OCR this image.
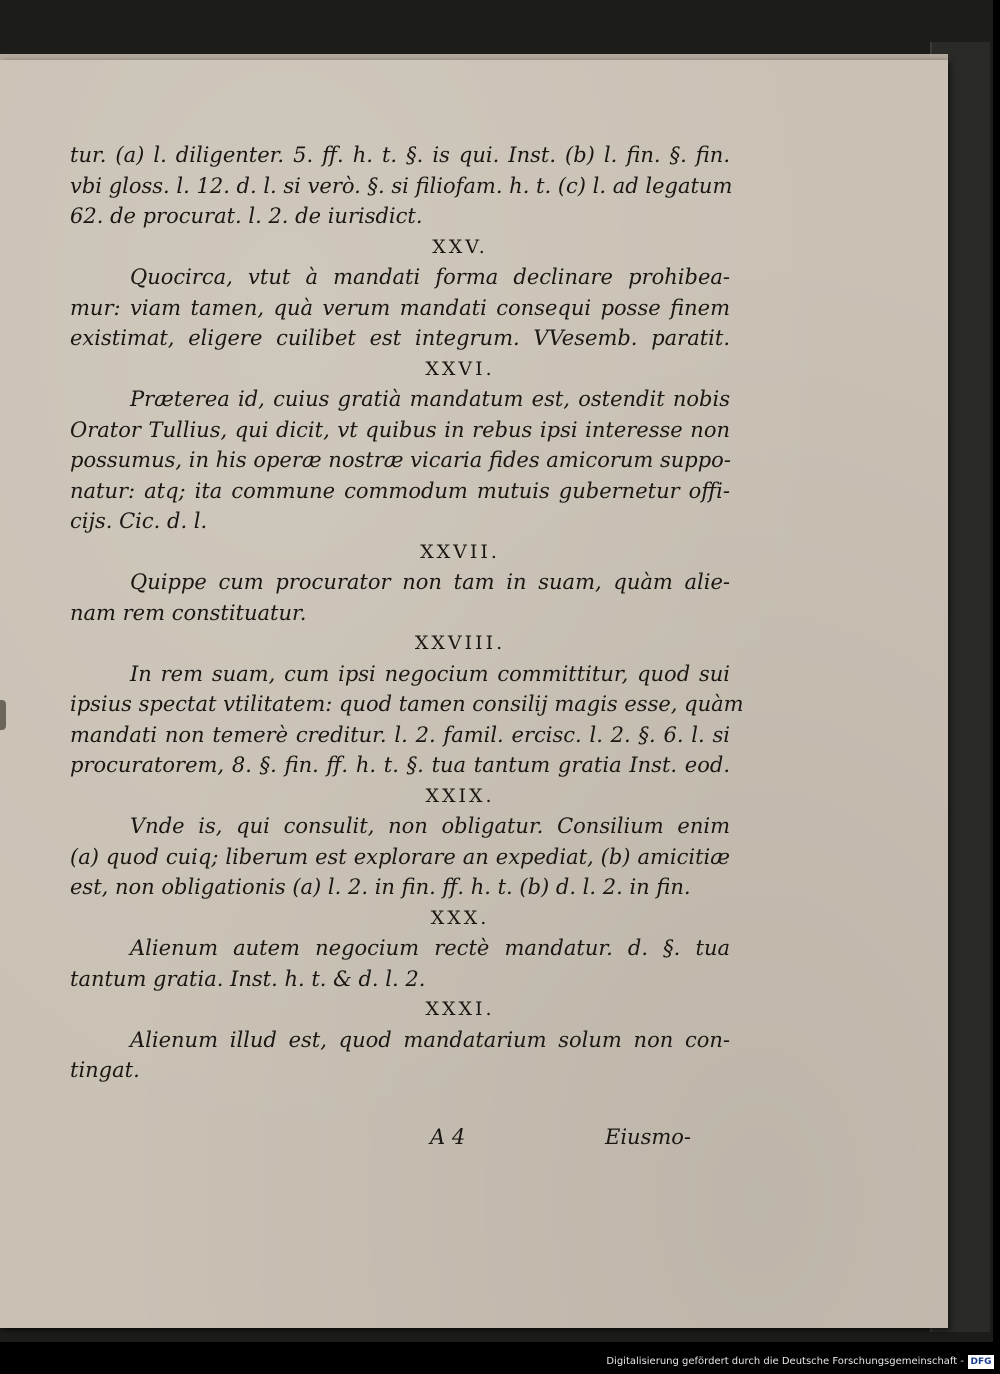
tur. (a) l. diligenter. 5. ff. h. t. §. is qui. Inst. (b) l. fin. §. fin.
vbi gloss. l. 12. d. l. si verò. §. si filiofam. h. t. (c) l. ad legatum
62. de procurat. l. 2. de iurisdict.
XXV.
Quocirca, vtut à mandati forma declinare prohibea-
mur: viam tamen, quà verum mandati consequi posse finem
existimat, eligere cuilibet est integrum. VVesemb. paratit.
XXVI.
Prӕterea id, cuius gratià mandatum est, ostendit nobis
Orator Tullius, qui dicit, vt quibus in rebus ipsi interesse non
possumus, in his operӕ nostrӕ vicaria fides amicorum suppo-
natur: atq; ita commune commodum mutuis gubernetur offi-
cijs. Cic. d. l.
XXVII.
Quippe cum procurator non tam in suam, quàm alie-
nam rem constituatur.
XXVIII.
In rem suam, cum ipsi negocium committitur, quod sui
ipsius spectat vtilitatem: quod tamen consilij magis esse, quàm
mandati non temerè creditur. l. 2. famil. ercisc. l. 2. §. 6. l. si
procuratorem, 8. §. fin. ff. h. t. §. tua tantum gratia Inst. eod.
XXIX.
Vnde is, qui consulit, non obligatur. Consilium enim
(a) quod cuiq; liberum est explorare an expediat, (b) amicitiӕ
est, non obligationis (a) l. 2. in fin. ff. h. t. (b) d. l. 2. in fin.
XXX.
Alienum autem negocium rectè mandatur. d. §. tua
tantum gratia. Inst. h. t. & d. l. 2.
XXXI.
Alienum illud est, quod mandatarium solum non con-
tingat.
A 4	Eiusmo-
Digitalisierung gefördert durch die Deutsche Forschungsgemeinschaft - DFG
